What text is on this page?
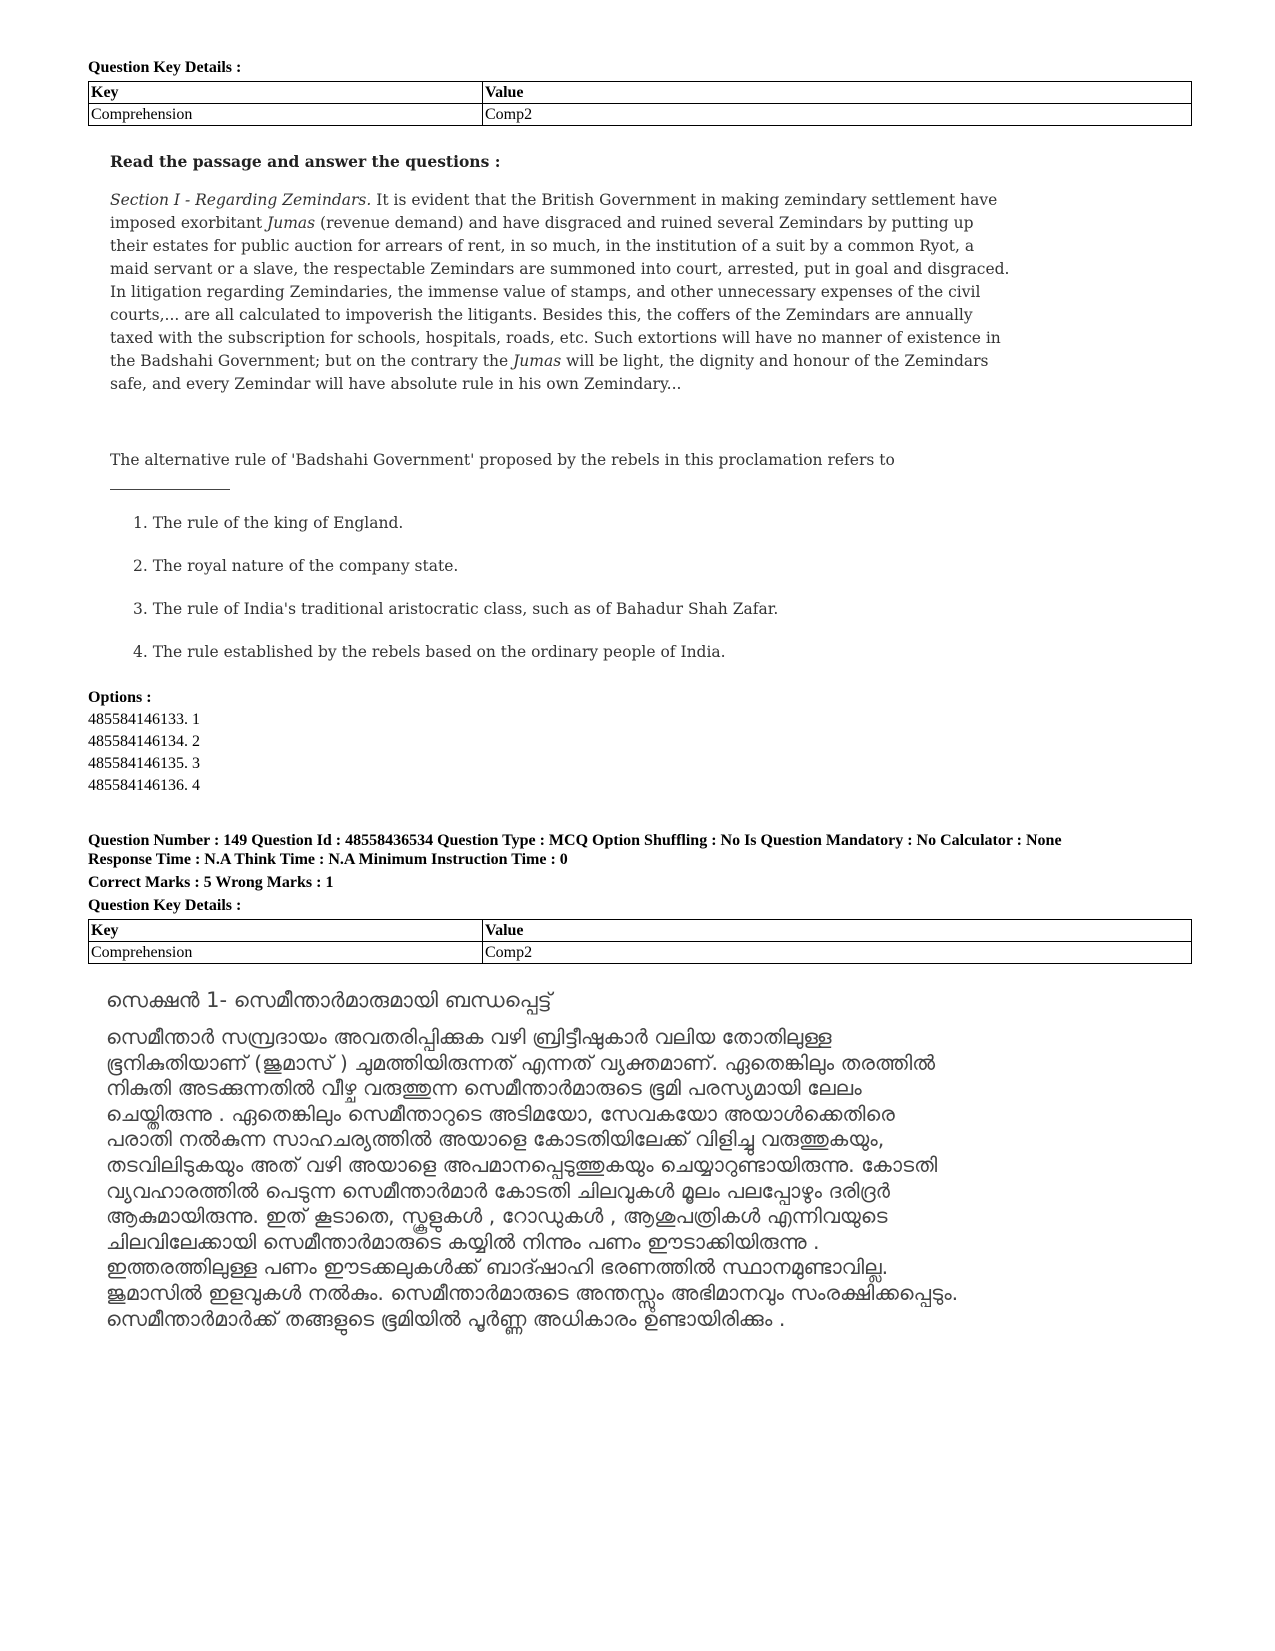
Question Key Details :
Key	Value
Comprehension	Comp2
Read the passage and answer the questions :

Section I - Regarding Zemindars. It is evident that the British Government in making zemindary settlement have imposed exorbitant Jumas (revenue demand) and have disgraced and ruined several Zemindars by putting up their estates for public auction for arrears of rent, in so much, in the institution of a suit by a common Ryot, a maid servant or a slave, the respectable Zemindars are summoned into court, arrested, put in goal and disgraced. In litigation regarding Zemindaries, the immense value of stamps, and other unnecessary expenses of the civil courts,... are all calculated to impoverish the litigants. Besides this, the coffers of the Zemindars are annually taxed with the subscription for schools, hospitals, roads, etc. Such extortions will have no manner of existence in the Badshahi Government; but on the contrary the Jumas will be light, the dignity and honour of the Zemindars safe, and every Zemindar will have absolute rule in his own Zemindary...

The alternative rule of 'Badshahi Government' proposed by the rebels in this proclamation refers to
1. The rule of the king of England.
2. The royal nature of the company state.
3. The rule of India's traditional aristocratic class, such as of Bahadur Shah Zafar.
4. The rule established by the rebels based on the ordinary people of India.
Options :
485584146133. 1
485584146134. 2
485584146135. 3
485584146136. 4
Question Number : 149 Question Id : 48558436534 Question Type : MCQ Option Shuffling : No Is Question Mandatory : No Calculator : None
Response Time : N.A Think Time : N.A Minimum Instruction Time : 0
Correct Marks : 5 Wrong Marks : 1
Question Key Details :
Key	Value
Comprehension	Comp2
സെക്ഷൻ 1- സെമീന്താർമാരുമായി ബന്ധപ്പെട്ട്
സെമീന്താർ സമ്പ്രദായം അവതരിപ്പിക്കുക വഴി ബ്രിട്ടീഷുകാർ വലിയ തോതിലുള്ള ഭൂനികുതിയാണ് (ജുമാസ് ) ചുമത്തിയിരുന്നത് എന്നത് വ്യക്തമാണ്. ഏതെങ്കിലും തരത്തിൽ നികുതി അടക്കുന്നതിൽ വീഴ്ച വരുത്തുന്ന സെമീന്താർമാരുടെ ഭൂമി പരസ്യമായി ലേലം ചെയ്തിരുന്നു . ഏതെങ്കിലും സെമീന്താറുടെ അടിമയോ, സേവകയോ അയാൾക്കെതിരെ പരാതി നൽകുന്ന സാഹചര്യത്തിൽ അയാളെ കോടതിയിലേക്ക് വിളിച്ചു വരുത്തുകയും, തടവിലിടുകയും അത് വഴി അയാളെ അപമാനപ്പെടുത്തുകയും ചെയ്യാറുണ്ടായിരുന്നു. കോടതി വ്യവഹാരത്തിൽ പെടുന്ന സെമീന്താർമാർ കോടതി ചിലവുകൾ മൂലം പലപ്പോഴും ദരിദ്രർ ആകുമായിരുന്നു. ഇത് കൂടാതെ, സ്കൂളുകൾ , റോഡുകൾ , ആശുപത്രികൾ എന്നിവയുടെ ചിലവിലേക്കായി സെമീന്താർമാരുടെ കയ്യിൽ നിന്നും പണം ഈടാക്കിയിരുന്നു . ഇത്തരത്തിലുള്ള പണം ഈടക്കലുകൾക്ക് ബാദ്ഷാഹി ഭരണത്തിൽ സ്ഥാനമുണ്ടാവില്ല. ജുമാസിൽ ഇളവുകൾ നൽകും. സെമീന്താർമാരുടെ അന്തസ്സും അഭിമാനവും സംരക്ഷിക്കപ്പെടും. സെമീന്താർമാർക്ക് തങ്ങളുടെ ഭൂമിയിൽ പൂർണ്ണ അധികാരം ഉണ്ടായിരിക്കും .
